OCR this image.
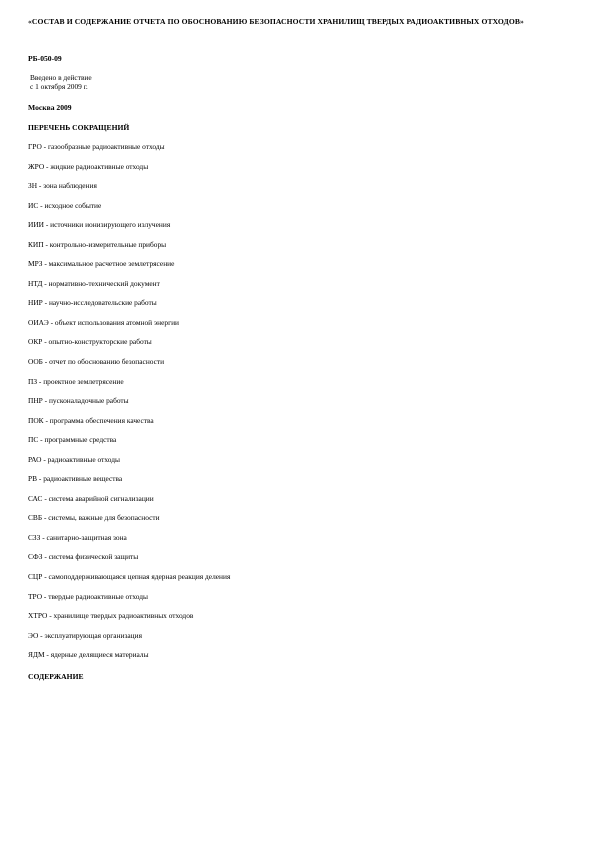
«СОСТАВ И СОДЕРЖАНИЕ ОТЧЕТА ПО ОБОСНОВАНИЮ БЕЗОПАСНОСТИ ХРАНИЛИЩ ТВЕРДЫХ РАДИОАКТИВНЫХ ОТХОДОВ»

РБ-050-09

Введено в действие
с 1 октября 2009 г.
Москва 2009
ПЕРЕЧЕНЬ СОКРАЩЕНИЙ
ГРО - газообразные радиоактивные отходы
ЖРО - жидкие радиоактивные отходы
ЗН - зона наблюдения
ИС - исходное событие
ИИИ - источники ионизирующего излучения
КИП - контрольно-измерительные приборы
МРЗ - максимальное расчетное землетрясение
НТД - нормативно-технический документ
НИР - научно-исследовательские работы
ОИАЭ - объект использования атомной энергии
ОКР - опытно-конструкторские работы
ООБ - отчет по обоснованию безопасности
ПЗ - проектное землетрясение
ПНР - пусконаладочные работы
ПОК - программа обеспечения качества
ПС - программные средства
РАО - радиоактивные отходы
РВ - радиоактивные вещества
САС - система аварийной сигнализации
СВБ - системы, важные для безопасности
СЗЗ - санитарно-защитная зона
СФЗ - система физической защиты
СЦР - самоподдерживающаяся цепная ядерная реакция деления
ТРО - твердые радиоактивные отходы
ХТРО - хранилище твердых радиоактивных отходов
ЭО - эксплуатирующая организация
ЯДМ - ядерные делящиеся материалы
СОДЕРЖАНИЕ
